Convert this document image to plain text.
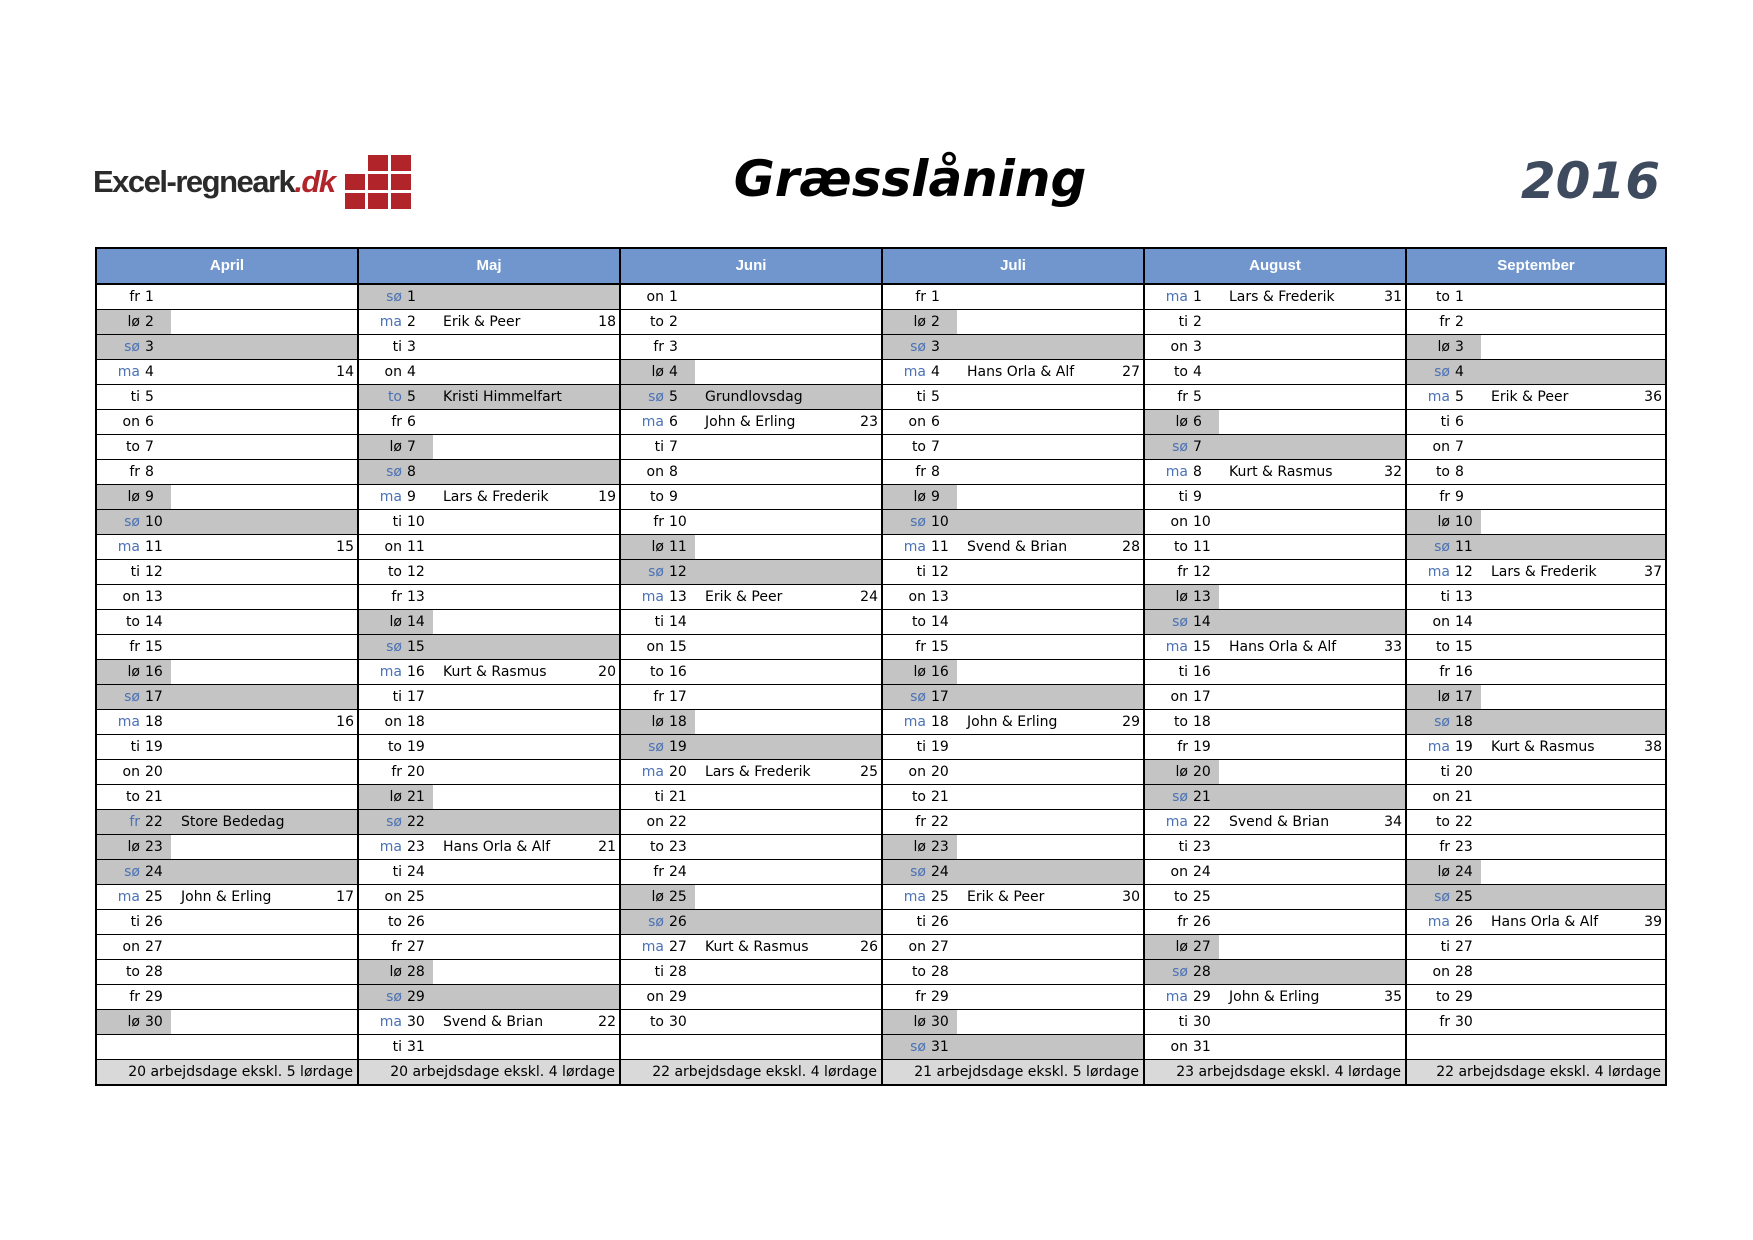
Excel-regneark.dk	Græsslåning	2016
April
fr 1
lø 2
sø 3
ma 4	14
ti 5
on 6
to 7
fr 8
lø 9
sø 10
ma 11	15
ti 12
on 13
to 14
fr 15
lø 16
sø 17
ma 18	16
ti 19
on 20
to 21
fr 22	Store Bededag
lø 23
sø 24
ma 25	John & Erling	17
ti 26
on 27
to 28
fr 29
lø 30
20 arbejdsdage ekskl. 5 lørdage
Maj
sø 1
ma 2	Erik & Peer	18
ti 3
on 4
to 5	Kristi Himmelfart
fr 6
lø 7
sø 8
ma 9	Lars & Frederik	19
ti 10
on 11
to 12
fr 13
lø 14
sø 15
ma 16	Kurt & Rasmus	20
ti 17
on 18
to 19
fr 20
lø 21
sø 22
ma 23	Hans Orla & Alf	21
ti 24
on 25
to 26
fr 27
lø 28
sø 29
ma 30	Svend & Brian	22
ti 31
20 arbejdsdage ekskl. 4 lørdage
Juni
on 1
to 2
fr 3
lø 4
sø 5	Grundlovsdag
ma 6	John & Erling	23
ti 7
on 8
to 9
fr 10
lø 11
sø 12
ma 13	Erik & Peer	24
ti 14
on 15
to 16
fr 17
lø 18
sø 19
ma 20	Lars & Frederik	25
ti 21
on 22
to 23
fr 24
lø 25
sø 26
ma 27	Kurt & Rasmus	26
ti 28
on 29
to 30
22 arbejdsdage ekskl. 4 lørdage
Juli
fr 1
lø 2
sø 3
ma 4	Hans Orla & Alf	27
ti 5
on 6
to 7
fr 8
lø 9
sø 10
ma 11	Svend & Brian	28
ti 12
on 13
to 14
fr 15
lø 16
sø 17
ma 18	John & Erling	29
ti 19
on 20
to 21
fr 22
lø 23
sø 24
ma 25	Erik & Peer	30
ti 26
on 27
to 28
fr 29
lø 30
sø 31
21 arbejdsdage ekskl. 5 lørdage
August
ma 1	Lars & Frederik	31
ti 2
on 3
to 4
fr 5
lø 6
sø 7
ma 8	Kurt & Rasmus	32
ti 9
on 10
to 11
fr 12
lø 13
sø 14
ma 15	Hans Orla & Alf	33
ti 16
on 17
to 18
fr 19
lø 20
sø 21
ma 22	Svend & Brian	34
ti 23
on 24
to 25
fr 26
lø 27
sø 28
ma 29	John & Erling	35
ti 30
on 31
23 arbejdsdage ekskl. 4 lørdage
September
to 1
fr 2
lø 3
sø 4
ma 5	Erik & Peer	36
ti 6
on 7
to 8
fr 9
lø 10
sø 11
ma 12	Lars & Frederik	37
ti 13
on 14
to 15
fr 16
lø 17
sø 18
ma 19	Kurt & Rasmus	38
ti 20
on 21
to 22
fr 23
lø 24
sø 25
ma 26	Hans Orla & Alf	39
ti 27
on 28
to 29
fr 30
22 arbejdsdage ekskl. 4 lørdage
